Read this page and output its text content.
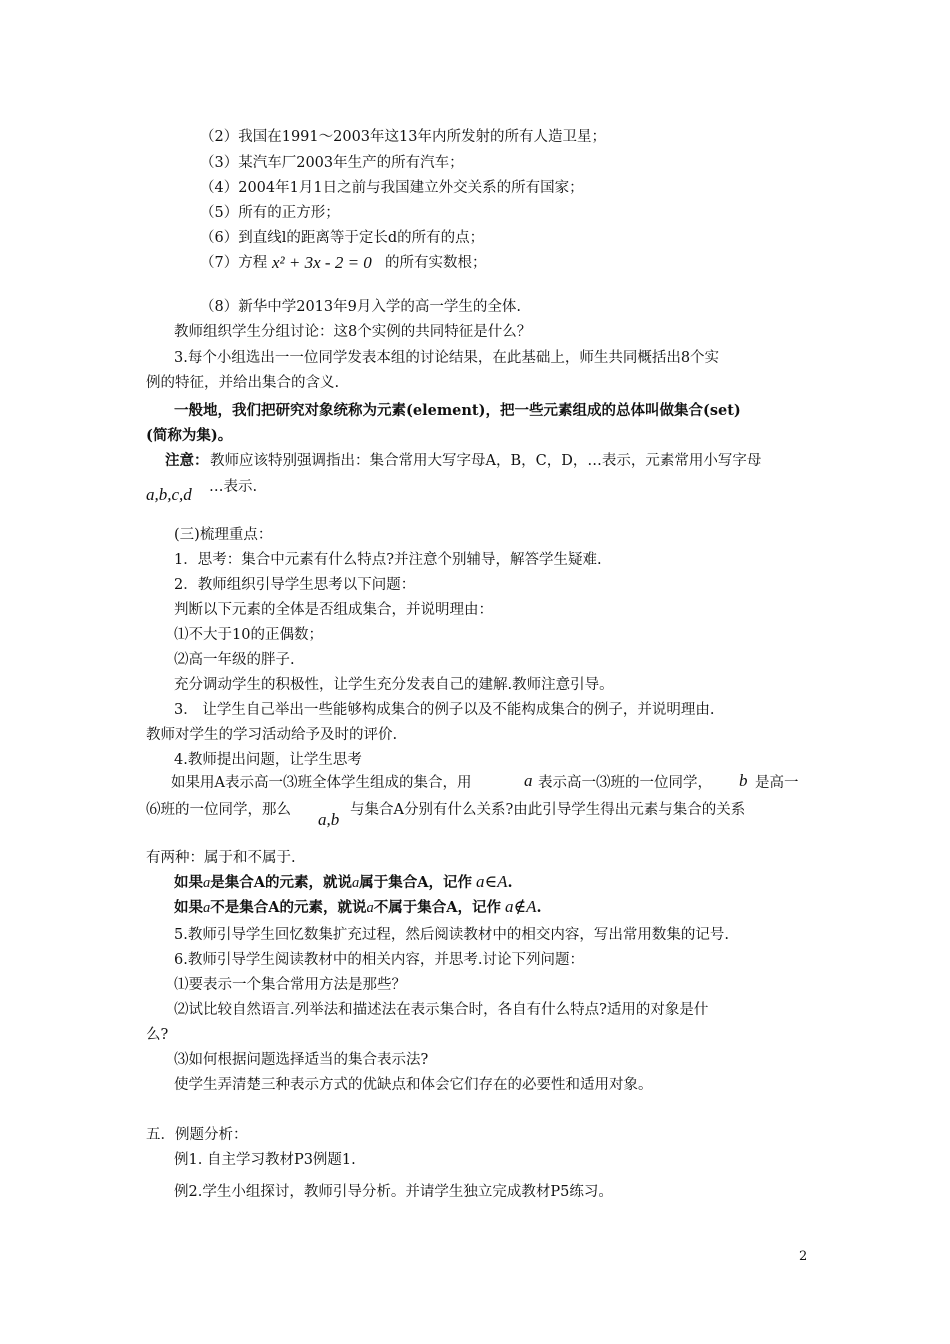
（2）我国在1991～2003年这13年内所发射的所有人造卫星；
（3）某汽车厂2003年生产的所有汽车；
（4）2004年1月1日之前与我国建立外交关系的所有国家；
（5）所有的正方形；
（6）到直线l的距离等于定长d的所有的点；
（7）方程 x² + 3x - 2 = 0 的所有实数根；
（8）新华中学2013年9月入学的高一学生的全体.
教师组织学生分组讨论：这8个实例的共同特征是什么？
3.每个小组选出一一位同学发表本组的讨论结果，在此基础上，师生共同概括出8个实
例的特征，并给出集合的含义.
一般地，我们把研究对象统称为元素(element)，把一些元素组成的总体叫做集合(set)
(简称为集)。
注意： 教师应该特别强调指出：集合常用大写字母A，B，C，D，…表示，元素常用小写字母
a,b,c,d …表示.
(三)梳理重点：
1．思考：集合中元素有什么特点?并注意个别辅导，解答学生疑难.
2．教师组织引导学生思考以下问题：
判断以下元素的全体是否组成集合，并说明理由：
⑴不大于10的正偶数；
⑵高一年级的胖子.
充分调动学生的积极性，让学生充分发表自己的建解.教师注意引导。
3． 让学生自己举出一些能够构成集合的例子以及不能构成集合的例子，并说明理由.
教师对学生的学习活动给予及时的评价.
4.教师提出问题，让学生思考
如果用A表示高一⑶班全体学生组成的集合，用	a 表示高一⑶班的一位同学， b 是高一
⑹班的一位同学，那么 a,b 与集合A分别有什么关系?由此引导学生得出元素与集合的关系
有两种：属于和不属于.
如果a是集合A的元素，就说a属于集合A，记作 a∈A.
如果a不是集合A的元素，就说a不属于集合A，记作 a∉A.
5.教师引导学生回忆数集扩充过程，然后阅读教材中的相交内容，写出常用数集的记号.
6.教师引导学生阅读教材中的相关内容，并思考.讨论下列问题：
⑴要表示一个集合常用方法是那些？
⑵试比较自然语言.列举法和描述法在表示集合时，各自有什么特点?适用的对象是什
么?
⑶如何根据问题选择适当的集合表示法?
使学生弄清楚三种表示方式的优缺点和体会它们存在的必要性和适用对象。
五．例题分析：
例1. 自主学习教材P3例题1.
例2.学生小组探讨，教师引导分析。并请学生独立完成教材P5练习。
2
